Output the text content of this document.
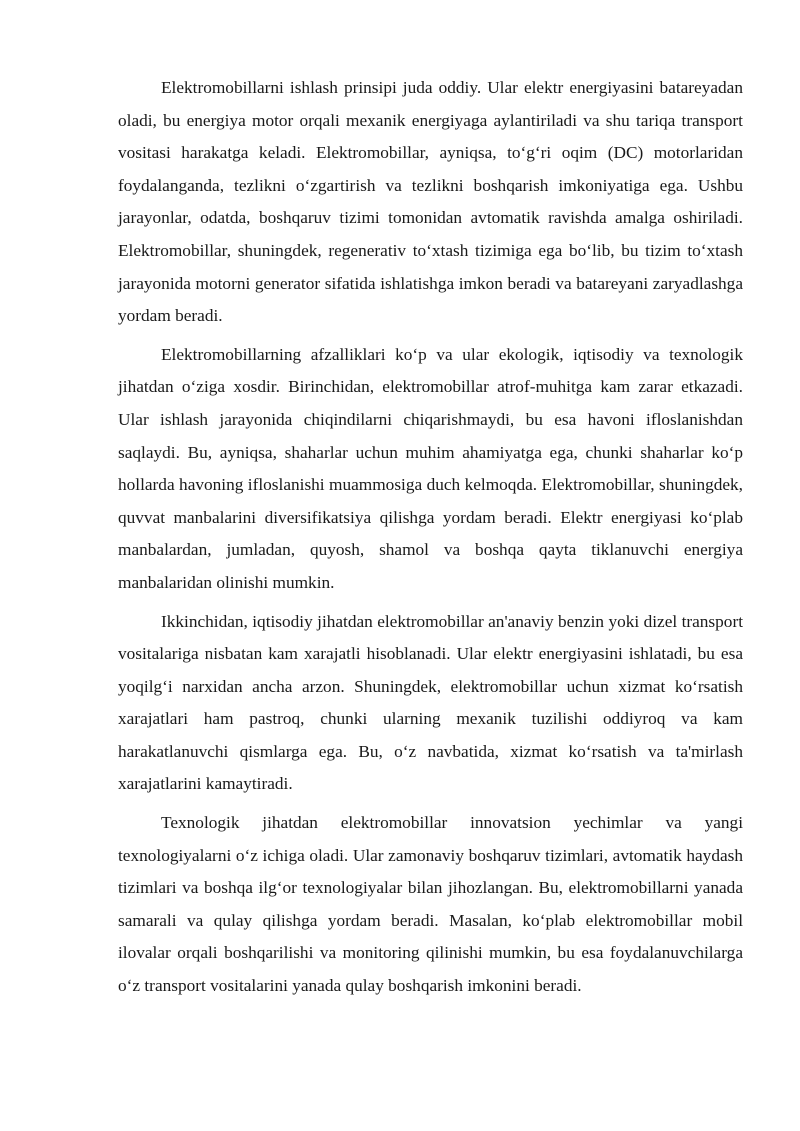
Elektromobillarni ishlash prinsipi juda oddiy. Ular elektr energiyasini batareyadan oladi, bu energiya motor orqali mexanik energiyaga aylantiriladi va shu tariqa transport vositasi harakatga keladi. Elektromobillar, ayniqsa, to‘g‘ri oqim (DC) motorlaridan foydalanganda, tezlikni o‘zgartirish va tezlikni boshqarish imkoniyatiga ega. Ushbu jarayonlar, odatda, boshqaruv tizimi tomonidan avtomatik ravishda amalga oshiriladi. Elektromobillar, shuningdek, regenerativ to‘xtash tizimiga ega bo‘lib, bu tizim to‘xtash jarayonida motorni generator sifatida ishlatishga imkon beradi va batareyani zaryadlashga yordam beradi.

Elektromobillarning afzalliklari ko‘p va ular ekologik, iqtisodiy va texnologik jihatdan o‘ziga xosdir. Birinchidan, elektromobillar atrof-muhitga kam zarar etkazadi. Ular ishlash jarayonida chiqindilarni chiqarishmaydi, bu esa havoni ifloslanishdan saqlaydi. Bu, ayniqsa, shaharlar uchun muhim ahamiyatga ega, chunki shaharlar ko‘p hollarda havoning ifloslanishi muammosiga duch kelmoqda. Elektromobillar, shuningdek, quvvat manbalarini diversifikatsiya qilishga yordam beradi. Elektr energiyasi ko‘plab manbalardan, jumladan, quyosh, shamol va boshqa qayta tiklanuvchi energiya manbalaridan olinishi mumkin.

Ikkinchidan, iqtisodiy jihatdan elektromobillar an'anaviy benzin yoki dizel transport vositalariga nisbatan kam xarajatli hisoblanadi. Ular elektr energiyasini ishlatadi, bu esa yoqilg‘i narxidan ancha arzon. Shuningdek, elektromobillar uchun xizmat ko‘rsatish xarajatlari ham pastroq, chunki ularning mexanik tuzilishi oddiyroq va kam harakatlanuvchi qismlarga ega. Bu, o‘z navbatida, xizmat ko‘rsatish va ta'mirlash xarajatlarini kamaytiradi.

Texnologik jihatdan elektromobillar innovatsion yechimlar va yangi texnologiyalarni o‘z ichiga oladi. Ular zamonaviy boshqaruv tizimlari, avtomatik haydash tizimlari va boshqa ilg‘or texnologiyalar bilan jihozlangan. Bu, elektromobillarni yanada samarali va qulay qilishga yordam beradi. Masalan, ko‘plab elektromobillar mobil ilovalar orqali boshqarilishi va monitoring qilinishi mumkin, bu esa foydalanuvchilarga o‘z transport vositalarini yanada qulay boshqarish imkonini beradi.
